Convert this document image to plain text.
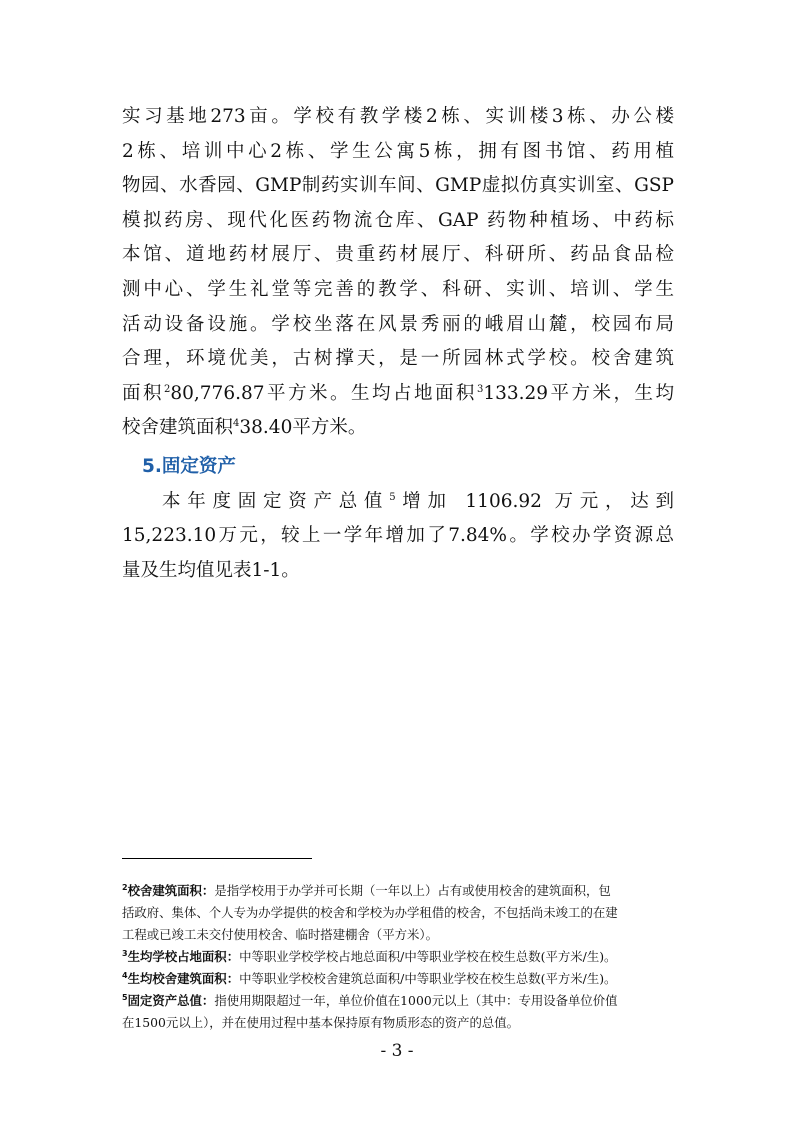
实习基地273亩。学校有教学楼2栋、实训楼3栋、办公楼
2栋、培训中心2栋、学生公寓5栋，拥有图书馆、药用植
物园、水香园、GMP制药实训车间、GMP虚拟仿真实训室、GSP
模拟药房、现代化医药物流仓库、GAP 药物种植场、中药标
本馆、道地药材展厅、贵重药材展厅、科研所、药品食品检
测中心、学生礼堂等完善的教学、科研、实训、培训、学生
活动设备设施。学校坐落在风景秀丽的峨眉山麓，校园布局
合理，环境优美，古树撑天，是一所园林式学校。校舍建筑
面积$^2$80,776.87平方米。生均占地面积$^3$133.29平方米，生均
校舍建筑面积$^4$38.40平方米。

5.固定资产

本年度固定资产总值$^5$增加 1106.92 万元，达到
15,223.10万元，较上一学年增加了7.84%。学校办学资源总
量及生均值见表1-1。

$^2$校舍建筑面积：是指学校用于办学并可长期（一年以上）占有或使用校舍的建筑面积，包
括政府、集体、个人专为办学提供的校舍和学校为办学租借的校舍，不包括尚未竣工的在建
工程或已竣工未交付使用校舍、临时搭建棚舍（平方米）。

$^3$生均学校占地面积：中等职业学校学校占地总面积/中等职业学校在校生总数(平方米/生)。

$^4$生均校舍建筑面积：中等职业学校校舍建筑总面积/中等职业学校在校生总数(平方米/生)。

$^5$固定资产总值：指使用期限超过一年，单位价值在1000元以上（其中：专用设备单位价值
在1500元以上），并在使用过程中基本保持原有物质形态的资产的总值。

- 3 -
